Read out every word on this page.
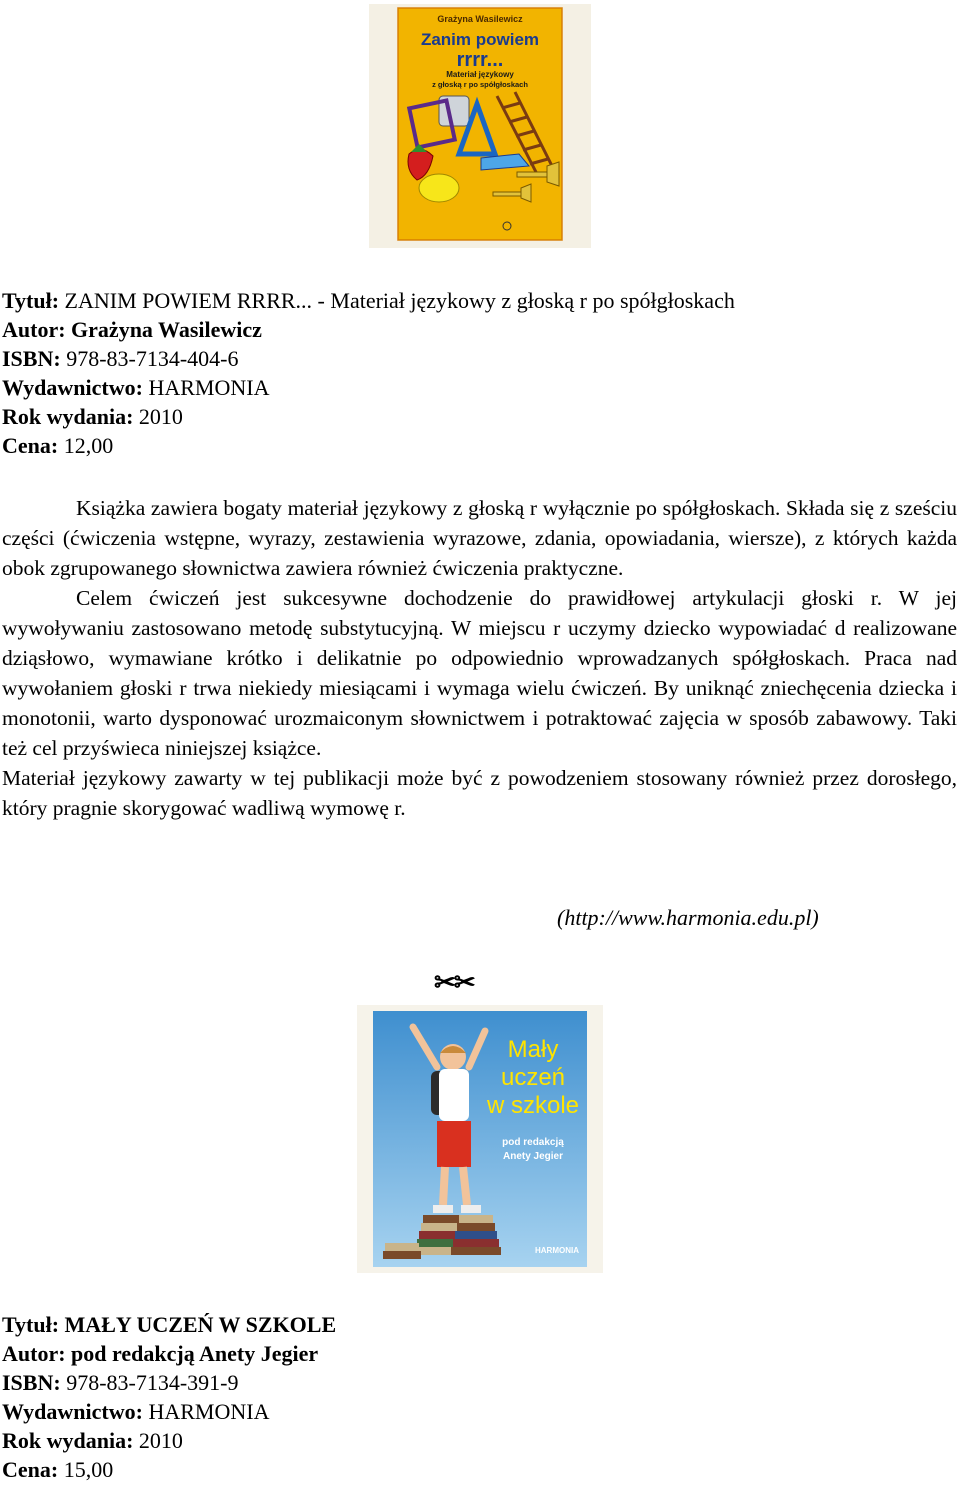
Grażyna Wasilewicz
Zanim powiem
rrrr...
Materiał językowy
z głoską r po spółgłoskach
Tytuł: ZANIM POWIEM RRRR... - Materiał językowy z głoską r po spółgłoskach
Autor: Grażyna Wasilewicz
ISBN: 978-83-7134-404-6
Wydawnictwo: HARMONIA
Rok wydania: 2010
Cena: 12,00

Książka zawiera bogaty materiał językowy z głoską r wyłącznie po spółgłoskach. Składa się z sześciu części (ćwiczenia wstępne, wyrazy, zestawienia wyrazowe, zdania, opowiadania, wiersze), z których każda obok zgrupowanego słownictwa zawiera również ćwiczenia praktyczne.

Celem ćwiczeń jest sukcesywne dochodzenie do prawidłowej artykulacji głoski r. W jej wywoływaniu zastosowano metodę substytucyjną. W miejscu r uczymy dziecko wypowiadać d realizowane dziąsłowo, wymawiane krótko i delikatnie po odpowiednio wprowadzanych spółgłoskach. Praca nad wywołaniem głoski r trwa niekiedy miesiącami i wymaga wielu ćwiczeń. By uniknąć zniechęcenia dziecka i monotonii, warto dysponować urozmaiconym słownictwem i potraktować zajęcia w sposób zabawowy. Taki też cel przyświeca niniejszej książce.

Materiał językowy zawarty w tej publikacji może być z powodzeniem stosowany również przez dorosłego, który pragnie skorygować wadliwą wymowę r.

(http://www.harmonia.edu.pl)
✂✂
Mały
uczeń
w szkole
pod redakcją
Anety Jegier
HARMONIA
Tytuł: MAŁY UCZEŃ W SZKOLE
Autor: pod redakcją Anety Jegier
ISBN: 978-83-7134-391-9
Wydawnictwo: HARMONIA
Rok wydania: 2010
Cena: 15,00
